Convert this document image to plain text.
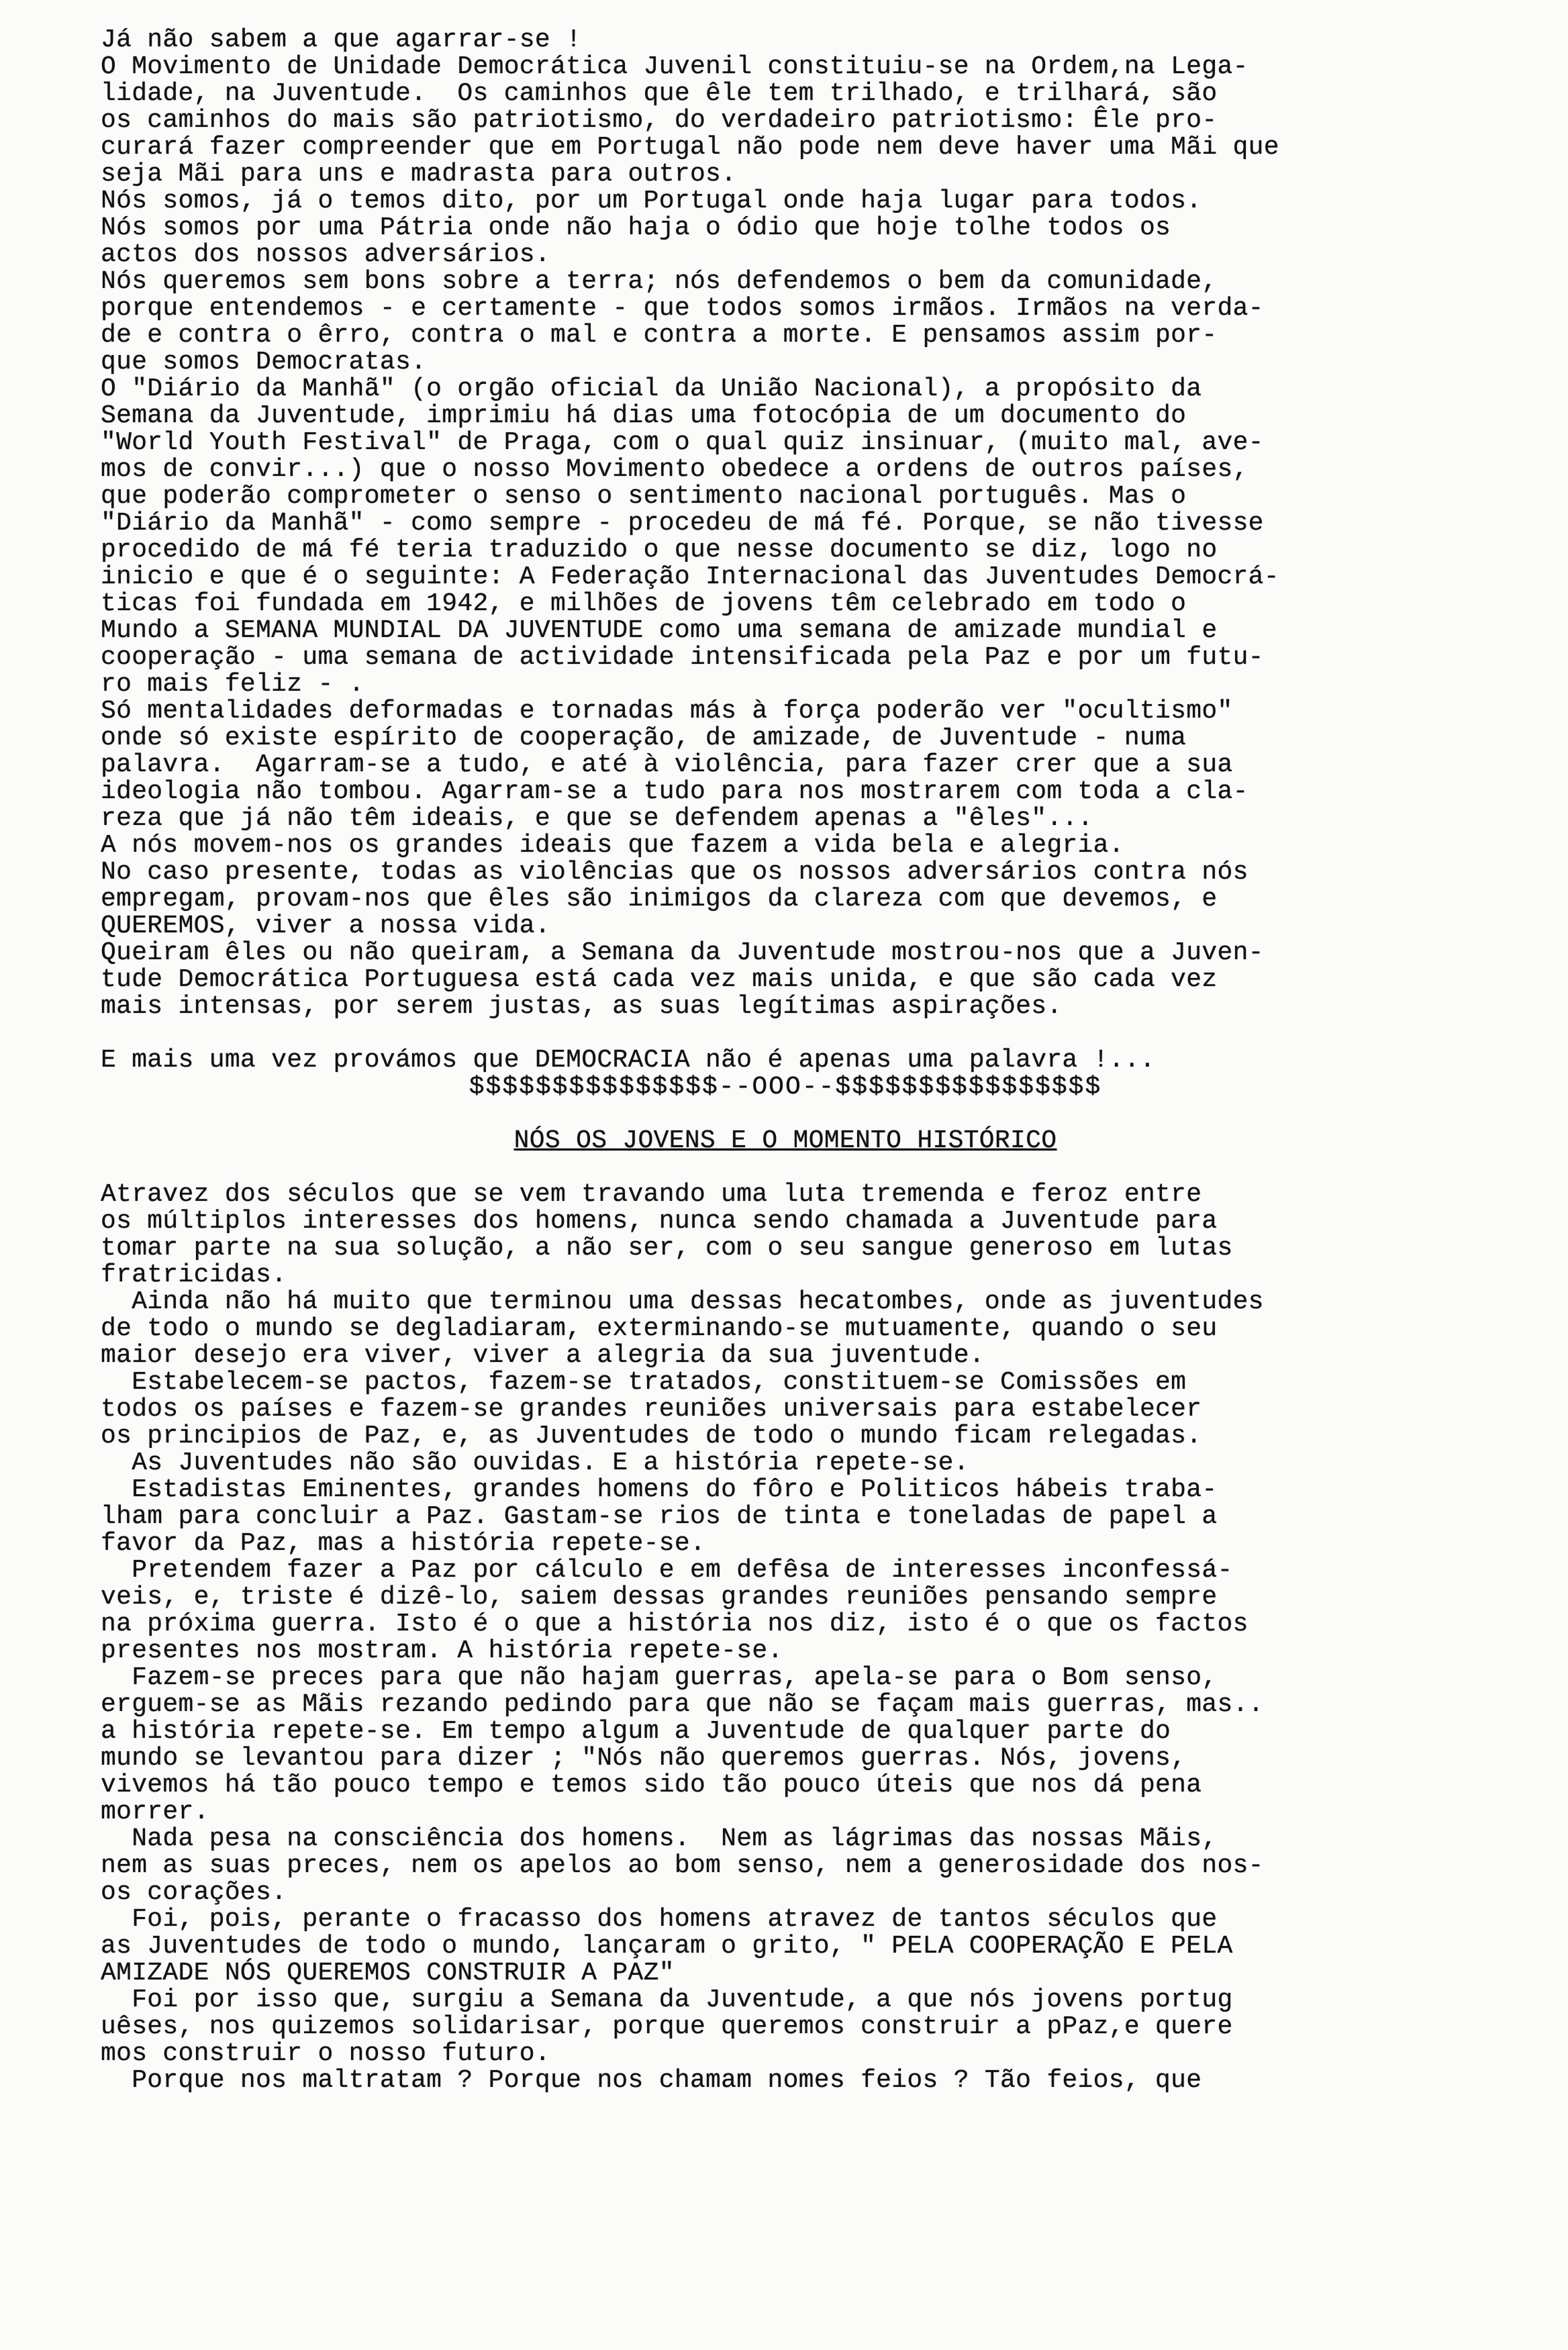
Já não sabem a que agarrar-se !
O Movimento de Unidade Democrática Juvenil constituiu-se na Ordem,na Lega-
lidade, na Juventude.  Os caminhos que êle tem trilhado, e trilhará, são
os caminhos do mais são patriotismo, do verdadeiro patriotismo: Êle pro-
curará fazer compreender que em Portugal não pode nem deve haver uma Mãi que
seja Mãi para uns e madrasta para outros.
Nós somos, já o temos dito, por um Portugal onde haja lugar para todos.
Nós somos por uma Pátria onde não haja o ódio que hoje tolhe todos os
actos dos nossos adversários.
Nós queremos sem bons sobre a terra; nós defendemos o bem da comunidade,
porque entendemos - e certamente - que todos somos irmãos. Irmãos na verda-
de e contra o êrro, contra o mal e contra a morte. E pensamos assim por-
que somos Democratas.
O "Diário da Manhã" (o orgão oficial da União Nacional), a propósito da
Semana da Juventude, imprimiu há dias uma fotocópia de um documento do
"World Youth Festival" de Praga, com o qual quiz insinuar, (muito mal, ave-
mos de convir...) que o nosso Movimento obedece a ordens de outros países,
que poderão comprometer o senso o sentimento nacional português. Mas o
"Diário da Manhã" - como sempre - procedeu de má fé. Porque, se não tivesse
procedido de má fé teria traduzido o que nesse documento se diz, logo no
inicio e que é o seguinte: A Federação Internacional das Juventudes Democrá-
ticas foi fundada em 1942, e milhões de jovens têm celebrado em todo o
Mundo a SEMANA MUNDIAL DA JUVENTUDE como uma semana de amizade mundial e
cooperação - uma semana de actividade intensificada pela Paz e por um futu-
ro mais feliz - .
Só mentalidades deformadas e tornadas más à força poderão ver "ocultismo"
onde só existe espírito de cooperação, de amizade, de Juventude - numa
palavra.  Agarram-se a tudo, e até à violência, para fazer crer que a sua
ideologia não tombou. Agarram-se a tudo para nos mostrarem com toda a cla-
reza que já não têm ideais, e que se defendem apenas a "êles"...
A nós movem-nos os grandes ideais que fazem a vida bela e alegria.
No caso presente, todas as violências que os nossos adversários contra nós
empregam, provam-nos que êles são inimigos da clareza com que devemos, e
QUEREMOS, viver a nossa vida.
Queiram êles ou não queiram, a Semana da Juventude mostrou-nos que a Juven-
tude Democrática Portuguesa está cada vez mais unida, e que são cada vez
mais intensas, por serem justas, as suas legítimas aspirações.
E mais uma vez provámos que DEMOCRACIA não é apenas uma palavra !...
$$$$$$$$$$$$$$$--OOO--$$$$$$$$$$$$$$$$
NÓS OS JOVENS E O MOMENTO HISTÓRICO
Atravez dos séculos que se vem travando uma luta tremenda e feroz entre
os múltiplos interesses dos homens, nunca sendo chamada a Juventude para
tomar parte na sua solução, a não ser, com o seu sangue generoso em lutas
fratricidas.
Ainda não há muito que terminou uma dessas hecatombes, onde as juventudes
de todo o mundo se degladiaram, exterminando-se mutuamente, quando o seu
maior desejo era viver, viver a alegria da sua juventude.
Estabelecem-se pactos, fazem-se tratados, constituem-se Comissões em
todos os países e fazem-se grandes reuniões universais para estabelecer
os principios de Paz, e, as Juventudes de todo o mundo ficam relegadas.
As Juventudes não são ouvidas. E a história repete-se.
Estadistas Eminentes, grandes homens do fôro e Politicos hábeis traba-
lham para concluir a Paz. Gastam-se rios de tinta e toneladas de papel a
favor da Paz, mas a história repete-se.
Pretendem fazer a Paz por cálculo e em defêsa de interesses inconfessá-
veis, e, triste é dizê-lo, saiem dessas grandes reuniões pensando sempre
na próxima guerra. Isto é o que a história nos diz, isto é o que os factos
presentes nos mostram. A história repete-se.
Fazem-se preces para que não hajam guerras, apela-se para o Bom senso,
erguem-se as Mãis rezando pedindo para que não se façam mais guerras, mas..
a história repete-se. Em tempo algum a Juventude de qualquer parte do
mundo se levantou para dizer ; "Nós não queremos guerras. Nós, jovens,
vivemos há tão pouco tempo e temos sido tão pouco úteis que nos dá pena
morrer.
Nada pesa na consciência dos homens.  Nem as lágrimas das nossas Mãis,
nem as suas preces, nem os apelos ao bom senso, nem a generosidade dos nos-
os corações.
Foi, pois, perante o fracasso dos homens atravez de tantos séculos que
as Juventudes de todo o mundo, lançaram o grito, " PELA COOPERAÇÃO E PELA
AMIZADE NÓS QUEREMOS CONSTRUIR A PAZ"
Foi por isso que, surgiu a Semana da Juventude, a que nós jovens portug
uêses, nos quizemos solidarisar, porque queremos construir a pPaz,e quere
mos construir o nosso futuro.
Porque nos maltratam ? Porque nos chamam nomes feios ? Tão feios, que
